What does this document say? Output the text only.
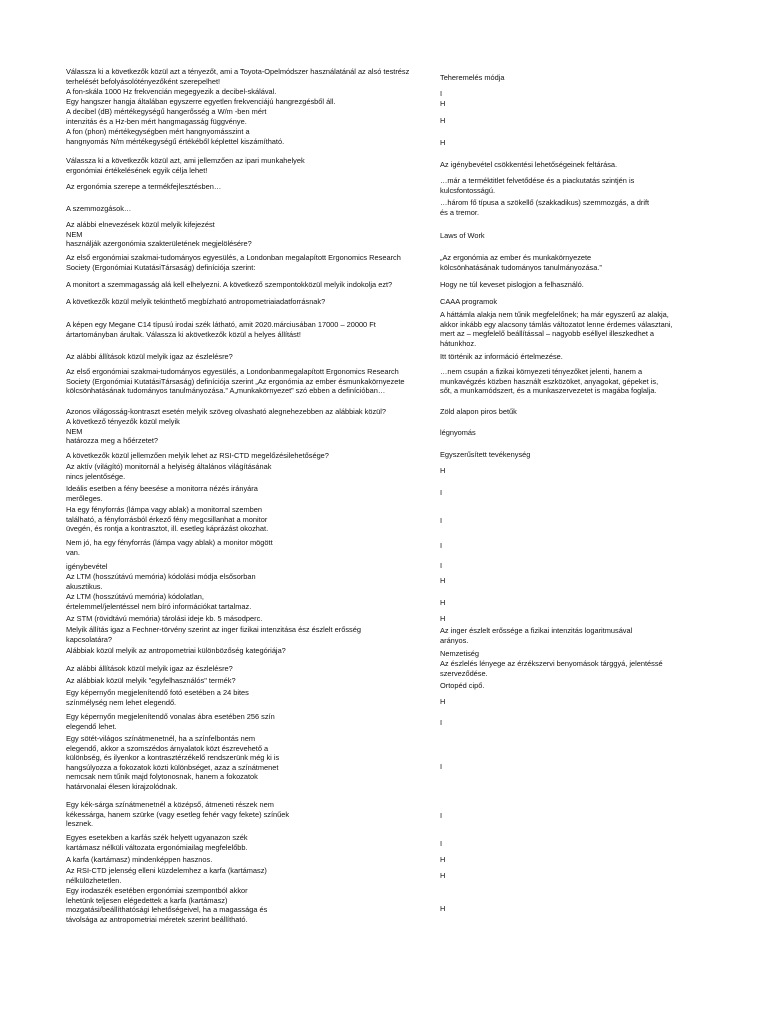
Válassza ki a következők közül azt a tényezőt, ami a Toyota-Opelmódszer használatánál az alsó testrész
terhelését befolyásolótényezőként szerepelhet!
A fon-skála 1000 Hz frekvencián megegyezik a decibel-skálával.
Egy hangszer hangja általában egyszerre egyetlen frekvenciájú hangrezgésből áll.
A decibel (dB) mértékegységű hangerősség a W/m -ben mért
intenzitás és a Hz-ben mért hangmagasság függvénye.
A fon (phon) mértékegységben mért hangnyomásszint a
hangnyomás N/m mértékegységű értékéből képlettel kiszámítható.
Válassza ki a következők közül azt, ami jellemzően az ipari munkahelyek
ergonómiai értékelésének egyik célja lehet!
Az ergonómia szerepe a termékfejlesztésben…
A szemmozgások…
Az alábbi elnevezések közül melyik kifejezést
NEM
használják azergonómia szakterületének megjelölésére?
Az első ergonómiai szakmai-tudományos egyesülés, a Londonban megalapított Ergonomics Research
Society (Ergonómiai KutatásiTársaság) definíciója szerint:
A monitort a szemmagasság alá kell elhelyezni. A következő szempontokközül melyik indokolja ezt?
A következők közül melyik tekinthető megbízható antropometriaiadatforrásnak?
A képen egy Megane C14 típusú irodai szék látható, amit 2020.márciusában 17000 – 20000 Ft
ártartományban árultak. Válassza ki akövetkezők közül a helyes állítást!
Az alábbi állítások közül melyik igaz az észlelésre?
Az első ergonómiai szakmai-tudományos egyesülés, a Londonbanmegalapított Ergonomics Research
Society (Ergonómiai KutatásiTársaság) definíciója szerint „Az ergonómia az ember ésmunkakörnyezete
kölcsönhatásának tudományos tanulmányozása.” A„munkakörnyezet” szó ebben a definícióban…
Azonos világosság-kontraszt esetén melyik szöveg olvasható alegnehezebben az alábbiak közül?
A következő tényezők közül melyik
NEM
határozza meg a hőérzetet?
A következők közül jellemzően melyik lehet az RSI-CTD megelőzésilehetősége?
Az aktív (világító) monitornál a helyiség általános világításának
nincs jelentősége.
Ideális esetben a fény beesése a monitorra nézés irányára
merőleges.
Ha egy fényforrás (lámpa vagy ablak) a monitorral szemben
található, a fényforrásból érkező fény megcsillanhat a monitor
üvegén, és rontja a kontrasztot, ill. esetleg káprázást okozhat.
Nem jó, ha egy fényforrás (lámpa vagy ablak) a monitor mögött
van.
igénybevétel
Az LTM (hosszútávú memória) kódolási módja elsősorban
akusztikus.
Az LTM (hosszútávú memória) kódolatlan,
értelemmel/jelentéssel nem bíró információkat tartalmaz.
Az STM (rövidtávú memória) tárolási ideje kb. 5 másodperc.
Melyik állítás igaz a Fechner-törvény szerint az inger fizikai intenzitása ész észlelt erősség
kapcsolatára?
Alábbiak közül melyik az antropometriai különbözőség kategóriája?
Az alábbi állítások közül melyik igaz az észlelésre?
Az alábbiak közül melyik "egyfelhasználós" termék?
Egy képernyőn megjelenítendő fotó esetében a 24 bites
színmélység nem lehet elegendő.
Egy képernyőn megjelenítendő vonalas ábra esetében 256 szín
elegendő lehet.
Egy sötét-világos színátmenetnél, ha a színfelbontás nem
elegendő, akkor a szomszédos árnyalatok közt észrevehető a
különbség, és ilyenkor a kontrasztérzékelő rendszerünk még ki is
hangsúlyozza a fokozatok közti különbséget, azaz a színátmenet
nemcsak nem tűnik majd folytonosnak, hanem a fokozatok
határvonalai élesen kirajzolódnak.
Egy kék-sárga színátmenetnél a középső, átmeneti részek nem
kékessárga, hanem szürke (vagy esetleg fehér vagy fekete) színűek
lesznek.
Egyes esetekben a karfás szék helyett ugyanazon szék
kartámasz nélküli változata ergonómiailag megfelelőbb.
A karfa (kartámasz) mindenképpen hasznos.
Az RSI-CTD jelenség elleni küzdelemhez a karfa (kartámasz)
nélkülözhetetlen.
Egy irodaszék esetében ergonómiai szempontból akkor
lehetünk teljesen elégedettek a karfa (kartámasz)
mozgatási/beállíthatósági lehetőségeivel, ha a magassága és
távolsága az antropometriai méretek szerint beállítható.
Teheremelés módja
I
H
H
H
Az igénybevétel csökkentési lehetőségeinek feltárása.
…már a terméktitlet felvetődése és a piackutatás szintjén is
kulcsfontosságú.
…három fő típusa a szökellő (szakkadikus) szemmozgás, a drift
és a tremor.
Laws of Work
„Az ergonómia az ember és munkakörnyezete
kölcsönhatásának tudományos tanulmányozása.”
Hogy ne túl keveset pislogjon a felhasználó.
CAAA programok
A háttámla alakja nem tűnik megfelelőnek; ha már egyszerű az alakja,
akkor inkább egy alacsony támlás változatot lenne érdemes választani,
mert az – megfelelő beállítással – nagyobb eséllyel illeszkedhet a
hátunkhoz.
Itt történik az információ értelmezése.
…nem csupán a fizikai környezeti tényezőket jelenti, hanem a
munkavégzés közben használt eszközöket, anyagokat, gépeket is,
sőt, a munkamódszert, és a munkaszervezetet is magába foglalja.
Zöld alapon piros betűk
légnyomás
Egyszerűsített tevékenység
H
I
I
I
I
H
H
H
Az inger észlelt erőssége a fizikai intenzitás logaritmusával
arányos.
Nemzetiség
Az észlelés lényege az érzékszervi benyomások tárggyá, jelentéssé
szerveződése.
Ortopéd cipő.
H
I
I
I
I
H
H
H
